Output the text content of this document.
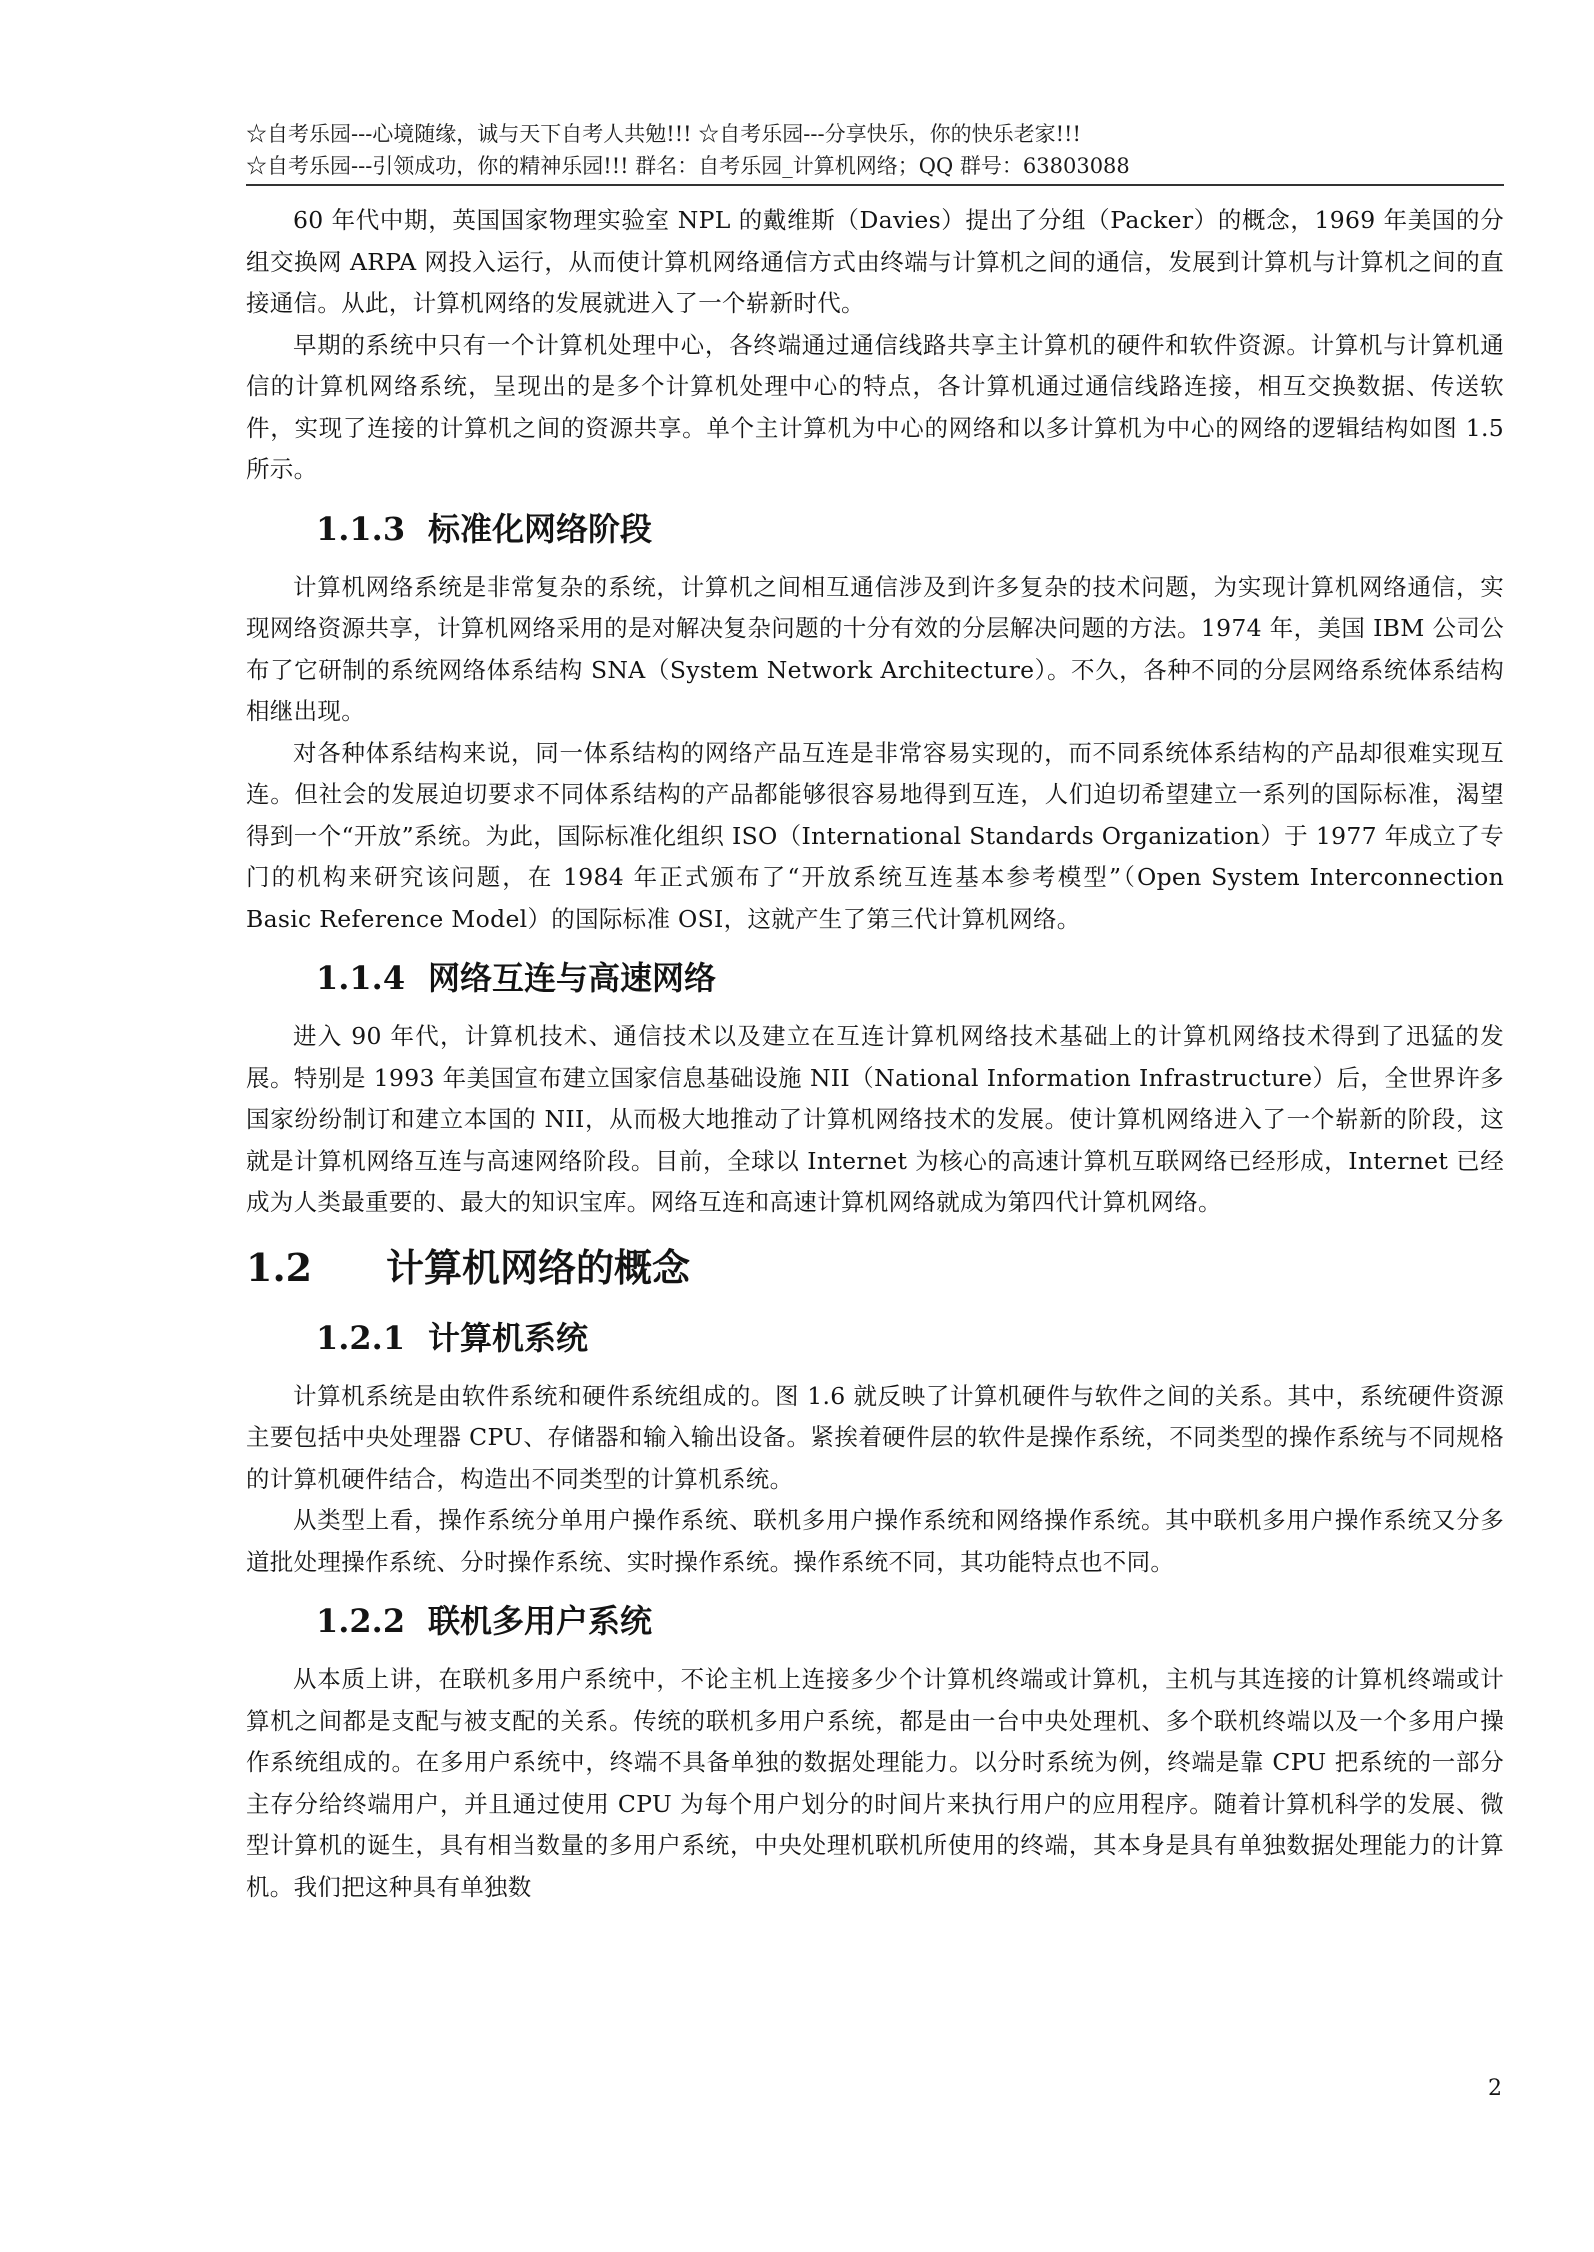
☆自考乐园---心境随缘，诚与天下自考人共勉!!! ☆自考乐园---分享快乐，你的快乐老家!!!
☆自考乐园---引领成功，你的精神乐园!!! 群名：自考乐园_计算机网络；QQ 群号：63803088

60 年代中期，英国国家物理实验室 NPL 的戴维斯（Davies）提出了分组（Packer）的概念，1969 年美国的分组交换网 ARPA 网投入运行，从而使计算机网络通信方式由终端与计算机之间的通信，发展到计算机与计算机之间的直接通信。从此，计算机网络的发展就进入了一个崭新时代。

早期的系统中只有一个计算机处理中心，各终端通过通信线路共享主计算机的硬件和软件资源。计算机与计算机通信的计算机网络系统，呈现出的是多个计算机处理中心的特点，各计算机通过通信线路连接，相互交换数据、传送软件，实现了连接的计算机之间的资源共享。单个主计算机为中心的网络和以多计算机为中心的网络的逻辑结构如图 1.5 所示。

1.1.3 标准化网络阶段

计算机网络系统是非常复杂的系统，计算机之间相互通信涉及到许多复杂的技术问题，为实现计算机网络通信，实现网络资源共享，计算机网络采用的是对解决复杂问题的十分有效的分层解决问题的方法。1974 年，美国 IBM 公司公布了它研制的系统网络体系结构 SNA（System Network Architecture）。不久，各种不同的分层网络系统体系结构相继出现。

对各种体系结构来说，同一体系结构的网络产品互连是非常容易实现的，而不同系统体系结构的产品却很难实现互连。但社会的发展迫切要求不同体系结构的产品都能够很容易地得到互连，人们迫切希望建立一系列的国际标准，渴望得到一个“开放”系统。为此，国际标准化组织 ISO（International Standards Organization）于 1977 年成立了专门的机构来研究该问题，在 1984 年正式颁布了“开放系统互连基本参考模型”（Open System Interconnection Basic Reference Model）的国际标准 OSI，这就产生了第三代计算机网络。

1.1.4 网络互连与高速网络

进入 90 年代，计算机技术、通信技术以及建立在互连计算机网络技术基础上的计算机网络技术得到了迅猛的发展。特别是 1993 年美国宣布建立国家信息基础设施 NII（National Information Infrastructure）后，全世界许多国家纷纷制订和建立本国的 NII，从而极大地推动了计算机网络技术的发展。使计算机网络进入了一个崭新的阶段，这就是计算机网络互连与高速网络阶段。目前，全球以 Internet 为核心的高速计算机互联网络已经形成，Internet 已经成为人类最重要的、最大的知识宝库。网络互连和高速计算机网络就成为第四代计算机网络。

1.2 计算机网络的概念
1.2.1 计算机系统

计算机系统是由软件系统和硬件系统组成的。图 1.6 就反映了计算机硬件与软件之间的关系。其中，系统硬件资源主要包括中央处理器 CPU、存储器和输入输出设备。紧挨着硬件层的软件是操作系统，不同类型的操作系统与不同规格的计算机硬件结合，构造出不同类型的计算机系统。

从类型上看，操作系统分单用户操作系统、联机多用户操作系统和网络操作系统。其中联机多用户操作系统又分多道批处理操作系统、分时操作系统、实时操作系统。操作系统不同，其功能特点也不同。

1.2.2 联机多用户系统

从本质上讲，在联机多用户系统中，不论主机上连接多少个计算机终端或计算机，主机与其连接的计算机终端或计算机之间都是支配与被支配的关系。传统的联机多用户系统，都是由一台中央处理机、多个联机终端以及一个多用户操作系统组成的。在多用户系统中，终端不具备单独的数据处理能力。以分时系统为例，终端是靠 CPU 把系统的一部分主存分给终端用户，并且通过使用 CPU 为每个用户划分的时间片来执行用户的应用程序。随着计算机科学的发展、微型计算机的诞生，具有相当数量的多用户系统，中央处理机联机所使用的终端，其本身是具有单独数据处理能力的计算机。我们把这种具有单独数

2
